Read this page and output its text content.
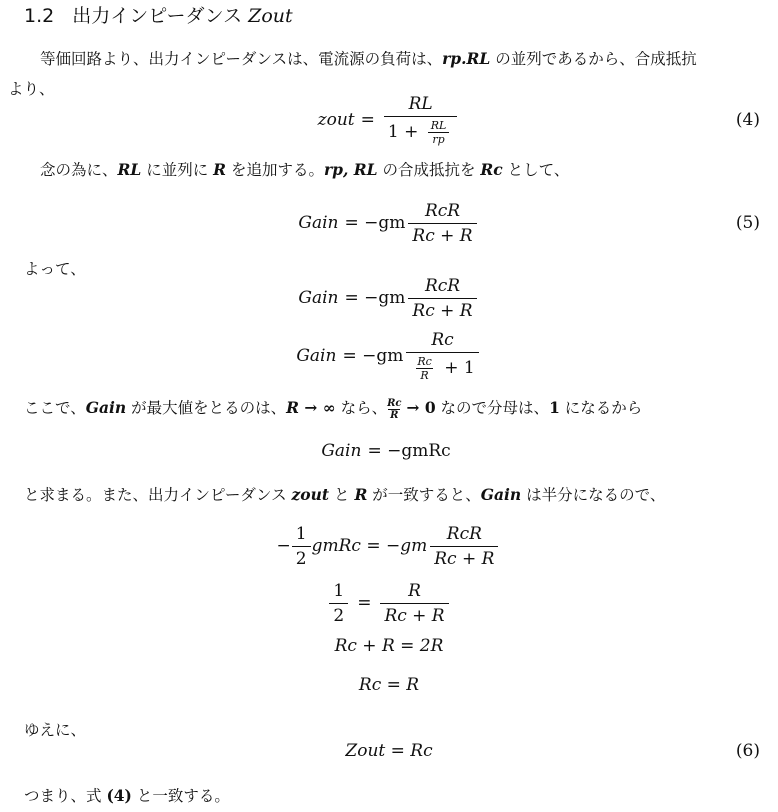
1.2 出力インピーダンス Zout

等価回路より、出力インピーダンスは、電流源の負荷は、rp.RL の並列であるから、合成抵抗
より、

zout = $\frac{RL}{1 + \frac{RL}{rp}}$	(4)

念の為に、RL に並列に R を追加する。rp, RL の合成抵抗を Rc として、

Gain = $-gm \frac{\text{RcR}}{Rc + R}$	(5)

よって、

Gain = $-gm \frac{\text{RcR}}{Rc + R}$
Gain = $-gm \frac{Rc}{\frac{Rc}{R} + 1}$

ここで、Gain が最大値をとるのは、R → ∞ なら、 $\frac{Rc}{R} \to 0$ なので分母は、1 になるから

Gain = −gmRc

と求まる。また、出力インピーダンス zout と R が一致すると、Gain は半分になるので、

− $\frac{1}{2}$ gmRc = $-gm \frac{\text{RcR}}{Rc + R}$
$\frac{1}{2} = \frac{R}{Rc + R}$
Rc + R = 2R
Rc = R

ゆえに、

Zout = Rc	(6)

つまり、式 (4) と一致する。
